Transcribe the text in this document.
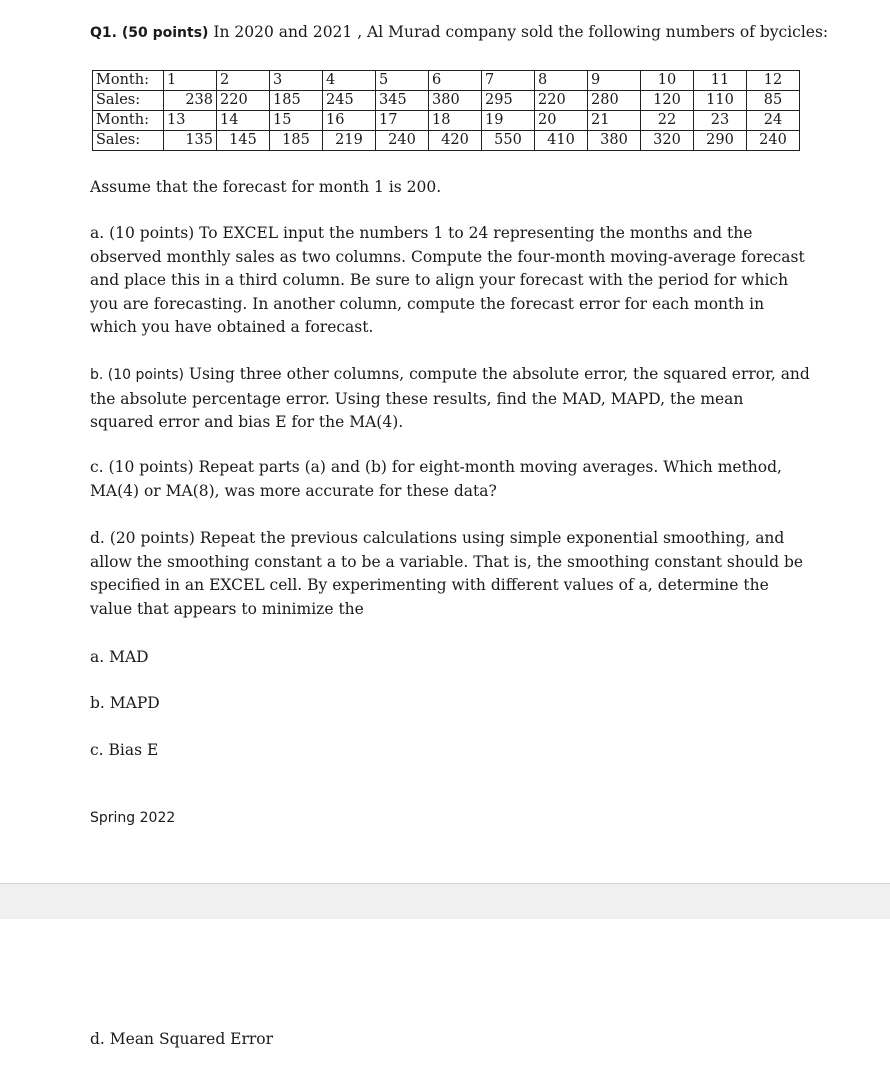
Q1. (50 points) In 2020 and 2021 , Al Murad company sold the following numbers of bycicles:
Month:	1	2	3	4	5	6	7	8	9	10	11	12
Sales:	238	220	185	245	345	380	295	220	280	120	110	85
Month:	13	14	15	16	17	18	19	20	21	22	23	24
Sales:	135	145	185	219	240	420	550	410	380	320	290	240
Assume that the forecast for month 1 is 200.
a. (10 points) To EXCEL input the numbers 1 to 24 representing the months and the observed monthly sales as two columns. Compute the four-month moving-average forecast and place this in a third column. Be sure to align your forecast with the period for which you are forecasting. In another column, compute the forecast error for each month in which you have obtained a forecast.
b. (10 points) Using three other columns, compute the absolute error, the squared error, and the absolute percentage error. Using these results, find the MAD, MAPD, the mean squared error and bias E for the MA(4).
c. (10 points) Repeat parts (a) and (b) for eight-month moving averages. Which method, MA(4) or MA(8), was more accurate for these data?
d. (20 points) Repeat the previous calculations using simple exponential smoothing, and allow the smoothing constant a to be a variable. That is, the smoothing constant should be specified in an EXCEL cell. By experimenting with different values of a, determine the value that appears to minimize the
a. MAD
b. MAPD
c. Bias E
Spring 2022
d. Mean Squared Error
